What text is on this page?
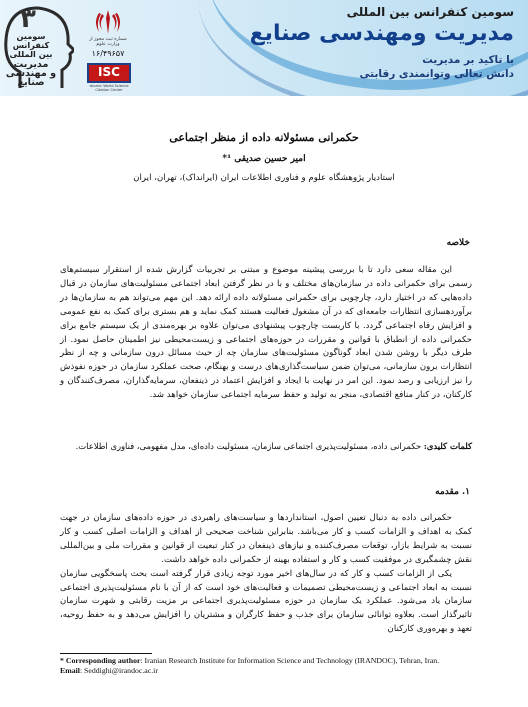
۳
سومین
کنفرانس
بین المللی
مدیریت
و مهندسی
صنایع
شماره ثبت مجوز از وزارت علوم
۱۶/۴۹۶۵۷
ISC
Islamic World Science Citation Center
سومین کنفرانس بین المللی
مدیریت ومهندسی صنایع
با تاکید بر مدیریت
دانش تعالی وتوانمندی رقابتی
حکمرانی مسئولانه داده از منظر اجتماعی
امیر حسین صدیقی ¹*
استادیار پژوهشگاه علوم و فناوری اطلاعات ایران (ایرانداک)، تهران، ایران
خلاصه

این مقاله سعی دارد تا با بررسی پیشینه موضوع و مبتنی بر تجربیات گزارش شده از استقرار سیستم‌های رسمی برای حکمرانی داده در سازمان‌های مختلف و با در نظر گرفتن ابعاد اجتماعی مسئولیت‌های سازمان در قبال داده‌هایی که در اختیار دارد، چارچوبی برای حکمرانی مسئولانه داده ارائه دهد. این مهم می‌تواند هم به سازمان‌ها در برآوردهسازی انتظارات جامعه‌ای که در آن مشغول فعالیت هستند کمک نماید و هم بستری برای کمک به نفع عمومی و افزایش رفاه اجتماعی گردد. با کاربست چارچوب پیشنهادی می‌توان علاوه بر بهره‌مندی از یک سیستم جامع برای حکمرانی داده از انطباق با قوانین و مقررات در حوزه‌های اجتماعی و زیست‌محیطی نیز اطمینان حاصل نمود. از طرف دیگر با روشن شدن ابعاد گوناگون مسئولیت‌های سازمان چه از حیث مسائل درون سازمانی و چه از نظر انتظارات برون سازمانی، می‌توان ضمن سیاست‌گذاری‌های درست و بهنگام، صحت عملکرد سازمان در حوزه نفوذش را نیز ارزیابی و رصد نمود. این امر در نهایت با ایجاد و افزایش اعتماد در ذینفعان، سرمایه‌گذاران، مصرف‌کنندگان و کارکنان، در کنار منافع اقتصادی، منجر به تولید و حفظ سرمایه اجتماعی سازمان خواهد شد.

کلمات کلیدی: حکمرانی داده، مسئولیت‌پذیری اجتماعی سازمان، مسئولیت داده‌ای، مدل مفهومی، فناوری اطلاعات.
۱. مقدمه

حکمرانی داده به دنبال تعیین اصول، استانداردها و سیاست‌های راهبردی در حوزه داده‌های سازمان در جهت کمک به اهداف و الزامات کسب و کار می‌باشد. بنابراین شناخت صحیحی از اهداف و الزامات اصلی کسب و کار نسبت به شرایط بازار، توقعات مصرف‌کننده و نیازهای ذینفعان در کنار تبعیت از قوانین و مقررات ملی و بین‌المللی نقش چشمگیری در موفقیت کسب و کار و استفاده بهینه از حکمرانی داده خواهد داشت.

یکی از الزامات کسب و کار که در سال‌های اخیر مورد توجه زیادی قرار گرفته است بحث پاسخگویی سازمان نسبت به ابعاد اجتماعی و زیست‌محیطی تصمیمات و فعالیت‌های خود است که از آن با نام مسئولیت‌پذیری اجتماعی سازمان یاد می‌شود. عملکرد یک سازمان در حوزه مسئولیت‌پذیری اجتماعی بر مزیت رقابتی و شهرت سازمان تاثیرگذار است. بعلاوه توانائی سازمان برای جذب و حفظ کارگران و مشتریان را افزایش می‌دهد و به حفظ روحیه، تعهد و بهره‌وری کارکنان

* Corresponding author: Iranian Research Institute for Information Science and Technology (IRANDOC), Tehran, Iran.
Email: Seddighi@irandoc.ac.ir
